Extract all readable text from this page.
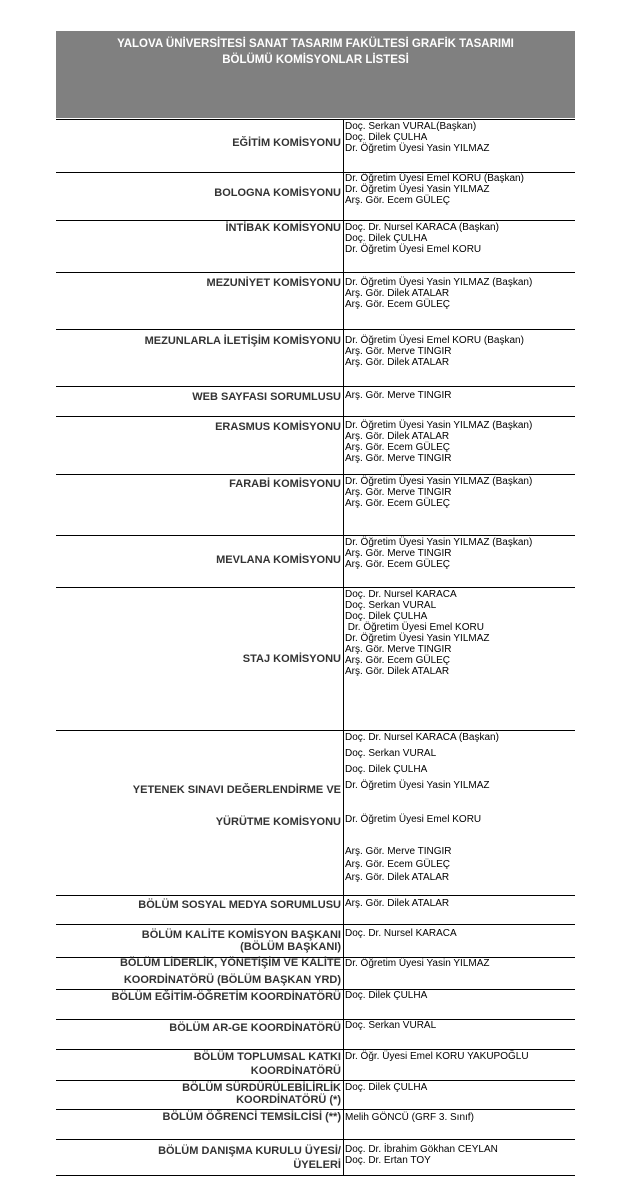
YALOVA ÜNİVERSİTESİ SANAT TASARIM FAKÜLTESİ GRAFİK TASARIMI
BÖLÜMÜ KOMİSYONLAR LİSTESİ
EĞİTİM KOMİSYONU
Doç. Serkan VURAL(Başkan)
Doç. Dilek ÇULHA
Dr. Öğretim Üyesi Yasin YILMAZ
BOLOGNA KOMİSYONU
Dr. Öğretim Üyesi Emel KORU (Başkan)
Dr. Öğretim Üyesi Yasin YILMAZ
Arş. Gör. Ecem GÜLEÇ
İNTİBAK KOMİSYONU Doç. Dr. Nursel KARACA (Başkan)
Doç. Dilek ÇULHA
Dr. Öğretim Üyesi Emel KORU
MEZUNİYET KOMİSYONU Dr. Öğretim Üyesi Yasin YILMAZ (Başkan)
Arş. Gör. Dilek ATALAR
Arş. Gör. Ecem GÜLEÇ
MEZUNLARLA İLETİŞİM KOMİSYONU Dr. Öğretim Üyesi Emel KORU (Başkan)
Arş. Gör. Merve TINGIR
Arş. Gör. Dilek ATALAR
WEB SAYFASI SORUMLUSU Arş. Gör. Merve TINGIR
ERASMUS KOMİSYONU Dr. Öğretim Üyesi Yasin YILMAZ (Başkan)
Arş. Gör. Dilek ATALAR
Arş. Gör. Ecem GÜLEÇ
Arş. Gör. Merve TINGIR
FARABİ KOMİSYONU Dr. Öğretim Üyesi Yasin YILMAZ (Başkan)
Arş. Gör. Merve TINGIR
Arş. Gör. Ecem GÜLEÇ
MEVLANA KOMİSYONU
Dr. Öğretim Üyesi Yasin YILMAZ (Başkan)
Arş. Gör. Merve TINGIR
Arş. Gör. Ecem GÜLEÇ
STAJ KOMİSYONU
Doç. Dr. Nursel KARACA
Doç. Serkan VURAL
Doç. Dilek ÇULHA
Dr. Öğretim Üyesi Emel KORU
Dr. Öğretim Üyesi Yasin YILMAZ
Arş. Gör. Merve TINGIR
Arş. Gör. Ecem GÜLEÇ
Arş. Gör. Dilek ATALAR
YETENEK SINAVI DEĞERLENDİRME VE
YÜRÜTME KOMİSYONU
Doç. Dr. Nursel KARACA (Başkan)
Doç. Serkan VURAL
Doç. Dilek ÇULHA
Dr. Öğretim Üyesi Yasin YILMAZ
Dr. Öğretim Üyesi Emel KORU
Arş. Gör. Merve TINGIR
Arş. Gör. Ecem GÜLEÇ
Arş. Gör. Dilek ATALAR
BÖLÜM SOSYAL MEDYA SORUMLUSU Arş. Gör. Dilek ATALAR
BÖLÜM KALİTE KOMİSYON BAŞKANI
(BÖLÜM BAŞKANI)
Doç. Dr. Nursel KARACA
BÖLÜM LİDERLİK, YÖNETİŞİM VE KALİTE
KOORDİNATÖRÜ (BÖLÜM BAŞKAN YRD)
Dr. Öğretim Üyesi Yasin YILMAZ
BÖLÜM EĞİTİM-ÖĞRETİM KOORDİNATÖRÜ Doç. Dilek ÇULHA
BÖLÜM AR-GE KOORDİNATÖRÜ Doç. Serkan VURAL
BÖLÜM TOPLUMSAL KATKI
KOORDİNATÖRÜ
Dr. Öğr. Üyesi Emel KORU YAKUPOĞLU
BÖLÜM SÜRDÜRÜLEBİLİRLİK
KOORDİNATÖRÜ (*)
Doç. Dilek ÇULHA
BÖLÜM ÖĞRENCİ TEMSİLCİSİ (**) Melih GÖNCÜ (GRF 3. Sınıf)
BÖLÜM DANIŞMA KURULU ÜYESİ/
ÜYELERİ
Doç. Dr. İbrahim Gökhan CEYLAN
Doç. Dr. Ertan TOY
